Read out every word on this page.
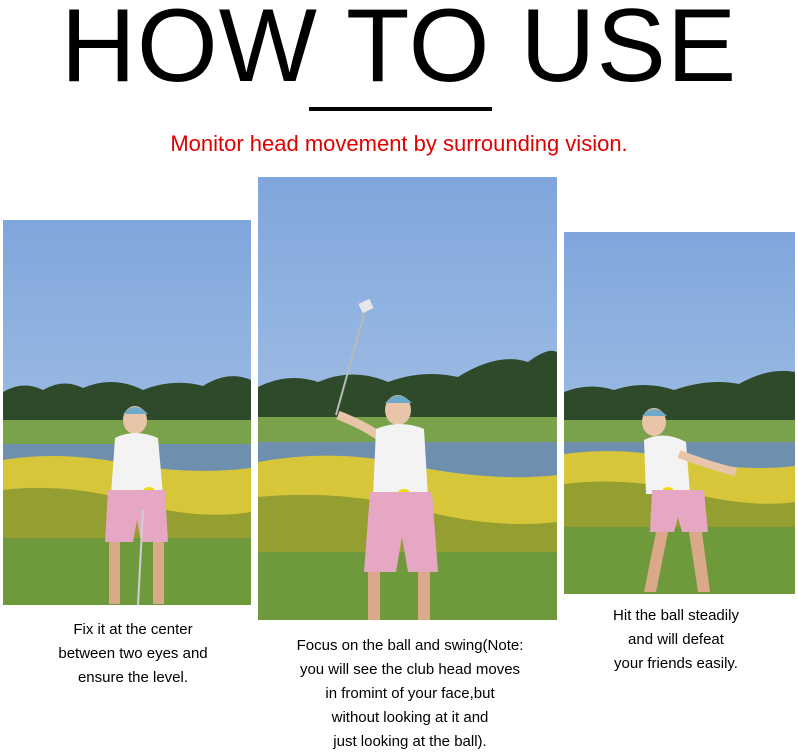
HOW TO USE
Monitor head movement by surrounding vision.
Fix it at the center
between two eyes and
ensure the level.
Focus on the ball and swing(Note:
you will see the club head moves
in fromint of your face,but
without looking at it and
just looking at the ball).
Hit the ball steadily
and will defeat
your friends easily.
